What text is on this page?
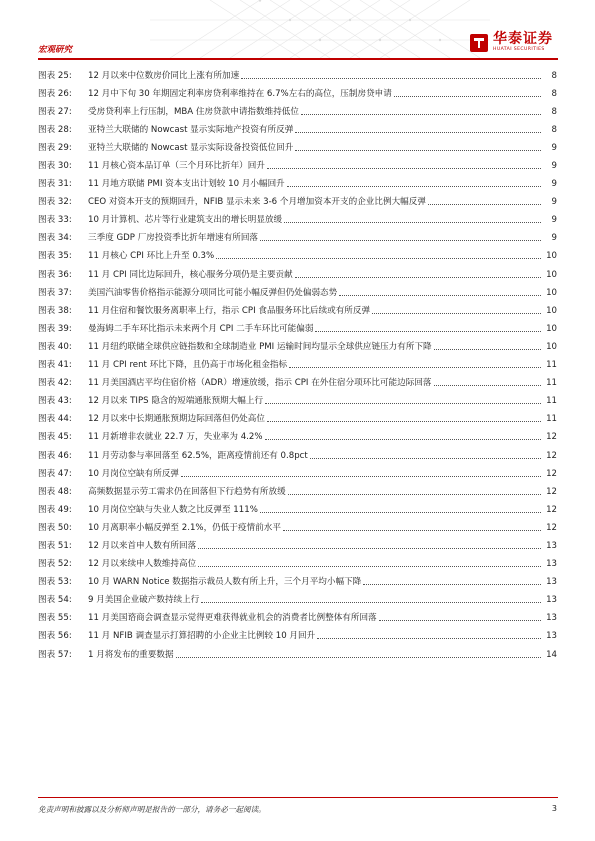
宏观研究
华泰证券
HUATAI SECURITIES
图表 25:	12 月以来中位数房价同比上涨有所加速	8
图表 26:	12 月中下旬 30 年期固定利率房贷利率维持在 6.7%左右的高位，压制房贷申请	8
图表 27:	受房贷利率上行压制，MBA 住房贷款申请指数维持低位	8
图表 28:	亚特兰大联储的 Nowcast 显示实际地产投资有所反弹	8
图表 29:	亚特兰大联储的 Nowcast 显示实际设备投资低位回升	9
图表 30:	11 月核心资本品订单（三个月环比折年）回升	9
图表 31:	11 月地方联储 PMI 资本支出计划较 10 月小幅回升	9
图表 32:	CEO 对资本开支的预期回升，NFIB 显示未来 3-6 个月增加资本开支的企业比例大幅反弹	9
图表 33:	10 月计算机、芯片等行业建筑支出的增长明显放缓	9
图表 34:	三季度 GDP 厂房投资季比折年增速有所回落	9
图表 35:	11 月核心 CPI 环比上升至 0.3%	10
图表 36:	11 月 CPI 同比边际回升，核心服务分项仍是主要贡献	10
图表 37:	美国汽油零售价格指示能源分项同比可能小幅反弹但仍处偏弱态势	10
图表 38:	11 月住宿和餐饮服务离职率上行，指示 CPI 食品服务环比后续或有所反弹	10
图表 39:	曼海姆二手车环比指示未来两个月 CPI 二手车环比可能偏弱	10
图表 40:	11 月纽约联储全球供应链指数和全球制造业 PMI 运输时间均显示全球供应链压力有所下降	10
图表 41:	11 月 CPI rent 环比下降，且仍高于市场化租金指标	11
图表 42:	11 月美国酒店平均住宿价格（ADR）增速放缓，指示 CPI 在外住宿分项环比可能边际回落	11
图表 43:	12 月以来 TIPS 隐含的短端通胀预期大幅上行	11
图表 44:	12 月以来中长期通胀预期边际回落但仍处高位	11
图表 45:	11 月新增非农就业 22.7 万，失业率为 4.2%	12
图表 46:	11 月劳动参与率回落至 62.5%，距离疫情前还有 0.8pct	12
图表 47:	10 月岗位空缺有所反弹	12
图表 48:	高频数据显示劳工需求仍在回落但下行趋势有所放缓	12
图表 49:	10 月岗位空缺与失业人数之比反弹至 111%	12
图表 50:	10 月离职率小幅反弹至 2.1%，仍低于疫情前水平	12
图表 51:	12 月以来首申人数有所回落	13
图表 52:	12 月以来续申人数维持高位	13
图表 53:	10 月 WARN Notice 数据指示裁员人数有所上升，三个月平均小幅下降	13
图表 54:	9 月美国企业破产数持续上行	13
图表 55:	11 月美国谘商会调查显示觉得更难获得就业机会的消费者比例整体有所回落	13
图表 56:	11 月 NFIB 调查显示打算招聘的小企业主比例较 10 月回升	13
图表 57:	1 月将发布的重要数据	14
免责声明和披露以及分析师声明是报告的一部分，请务必一起阅读。	3
